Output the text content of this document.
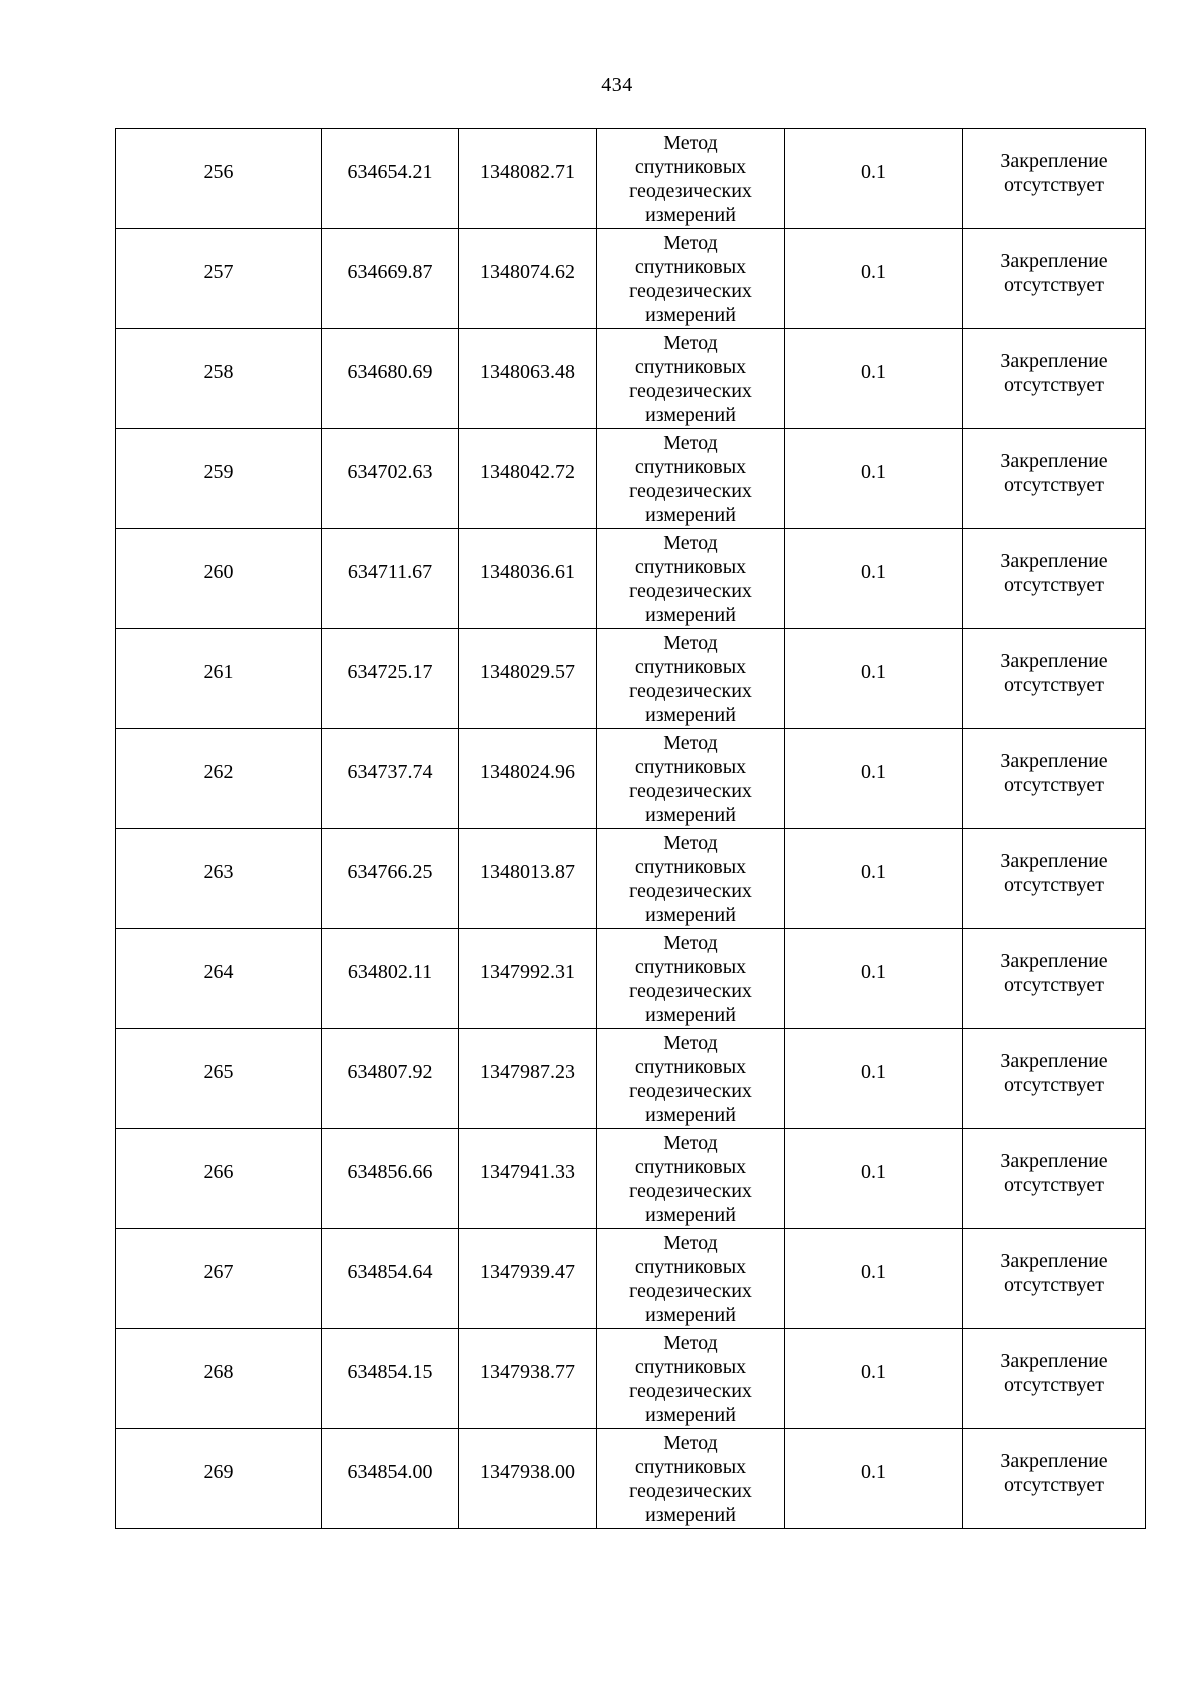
434
256	634654.21	1348082.71	Метод спутниковых геодезических измерений	0.1	Закрепление отсутствует
257	634669.87	1348074.62	Метод спутниковых геодезических измерений	0.1	Закрепление отсутствует
258	634680.69	1348063.48	Метод спутниковых геодезических измерений	0.1	Закрепление отсутствует
259	634702.63	1348042.72	Метод спутниковых геодезических измерений	0.1	Закрепление отсутствует
260	634711.67	1348036.61	Метод спутниковых геодезических измерений	0.1	Закрепление отсутствует
261	634725.17	1348029.57	Метод спутниковых геодезических измерений	0.1	Закрепление отсутствует
262	634737.74	1348024.96	Метод спутниковых геодезических измерений	0.1	Закрепление отсутствует
263	634766.25	1348013.87	Метод спутниковых геодезических измерений	0.1	Закрепление отсутствует
264	634802.11	1347992.31	Метод спутниковых геодезических измерений	0.1	Закрепление отсутствует
265	634807.92	1347987.23	Метод спутниковых геодезических измерений	0.1	Закрепление отсутствует
266	634856.66	1347941.33	Метод спутниковых геодезических измерений	0.1	Закрепление отсутствует
267	634854.64	1347939.47	Метод спутниковых геодезических измерений	0.1	Закрепление отсутствует
268	634854.15	1347938.77	Метод спутниковых геодезических измерений	0.1	Закрепление отсутствует
269	634854.00	1347938.00	Метод спутниковых геодезических измерений	0.1	Закрепление отсутствует
